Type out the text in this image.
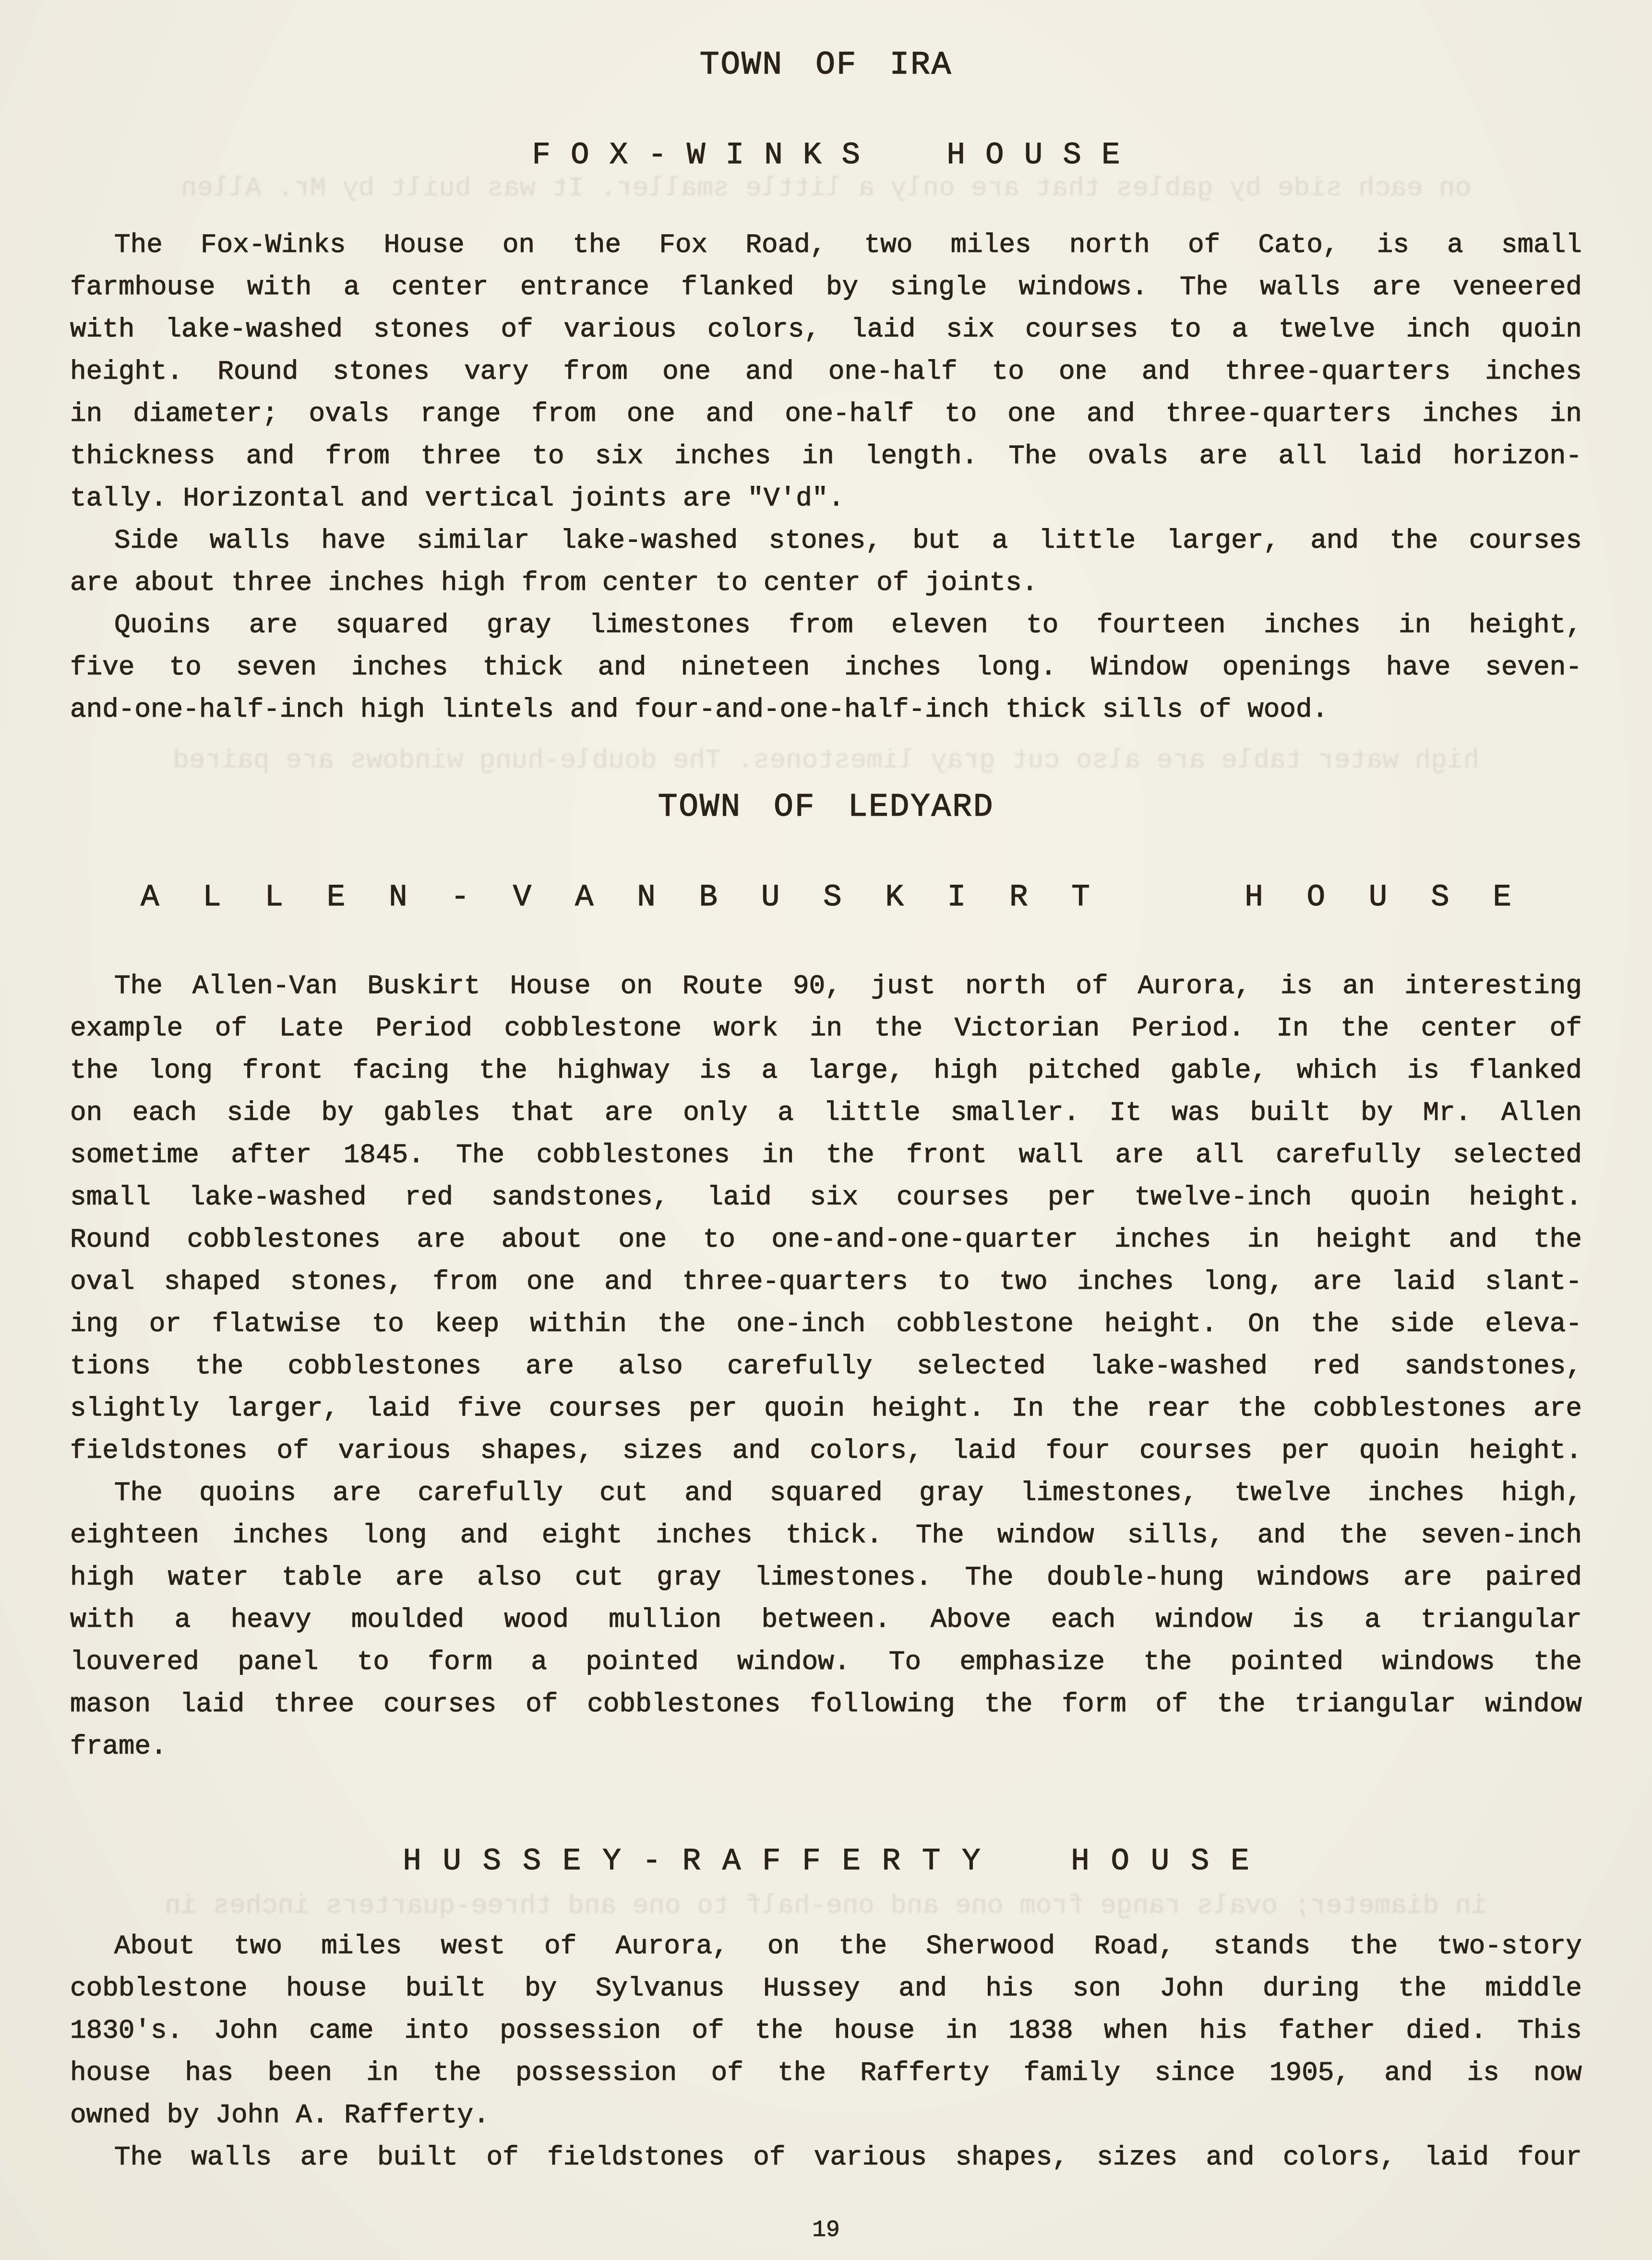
on each side by gables that are only a little smaller. It was built by Mr. Allen
high water table are also cut gray limestones. The double-hung windows are paired
in diameter; ovals range from one and one-half to one and three-quarters inches in
TOWN OF IRA
FOX-WINKS HOUSE
The Fox-Winks House on the Fox Road, two miles north of Cato, is a small
farmhouse with a center entrance flanked by single windows. The walls are veneered
with lake-washed stones of various colors, laid six courses to a twelve inch quoin
height. Round stones vary from one and one-half to one and three-quarters inches
in diameter; ovals range from one and one-half to one and three-quarters inches in
thickness and from three to six inches in length. The ovals are all laid horizon-
tally. Horizontal and vertical joints are "V'd".
Side walls have similar lake-washed stones, but a little larger, and the courses
are about three inches high from center to center of joints.
Quoins are squared gray limestones from eleven to fourteen inches in height,
five to seven inches thick and nineteen inches long. Window openings have seven-
and-one-half-inch high lintels and four-and-one-half-inch thick sills of wood.
TOWN OF LEDYARD
ALLEN-VANBUSKIRT HOUSE
The Allen-Van Buskirt House on Route 90, just north of Aurora, is an interesting
example of Late Period cobblestone work in the Victorian Period. In the center of
the long front facing the highway is a large, high pitched gable, which is flanked
on each side by gables that are only a little smaller. It was built by Mr. Allen
sometime after 1845. The cobblestones in the front wall are all carefully selected
small lake-washed red sandstones, laid six courses per twelve-inch quoin height.
Round cobblestones are about one to one-and-one-quarter inches in height and the
oval shaped stones, from one and three-quarters to two inches long, are laid slant-
ing or flatwise to keep within the one-inch cobblestone height. On the side eleva-
tions the cobblestones are also carefully selected lake-washed red sandstones,
slightly larger, laid five courses per quoin height. In the rear the cobblestones are
fieldstones of various shapes, sizes and colors, laid four courses per quoin height.
The quoins are carefully cut and squared gray limestones, twelve inches high,
eighteen inches long and eight inches thick. The window sills, and the seven-inch
high water table are also cut gray limestones. The double-hung windows are paired
with a heavy moulded wood mullion between. Above each window is a triangular
louvered panel to form a pointed window. To emphasize the pointed windows the
mason laid three courses of cobblestones following the form of the triangular window
frame.
HUSSEY-RAFFERTY HOUSE
About two miles west of Aurora, on the Sherwood Road, stands the two-story
cobblestone house built by Sylvanus Hussey and his son John during the middle
1830's. John came into possession of the house in 1838 when his father died. This
house has been in the possession of the Rafferty family since 1905, and is now
owned by John A. Rafferty.
The walls are built of fieldstones of various shapes, sizes and colors, laid four
19
